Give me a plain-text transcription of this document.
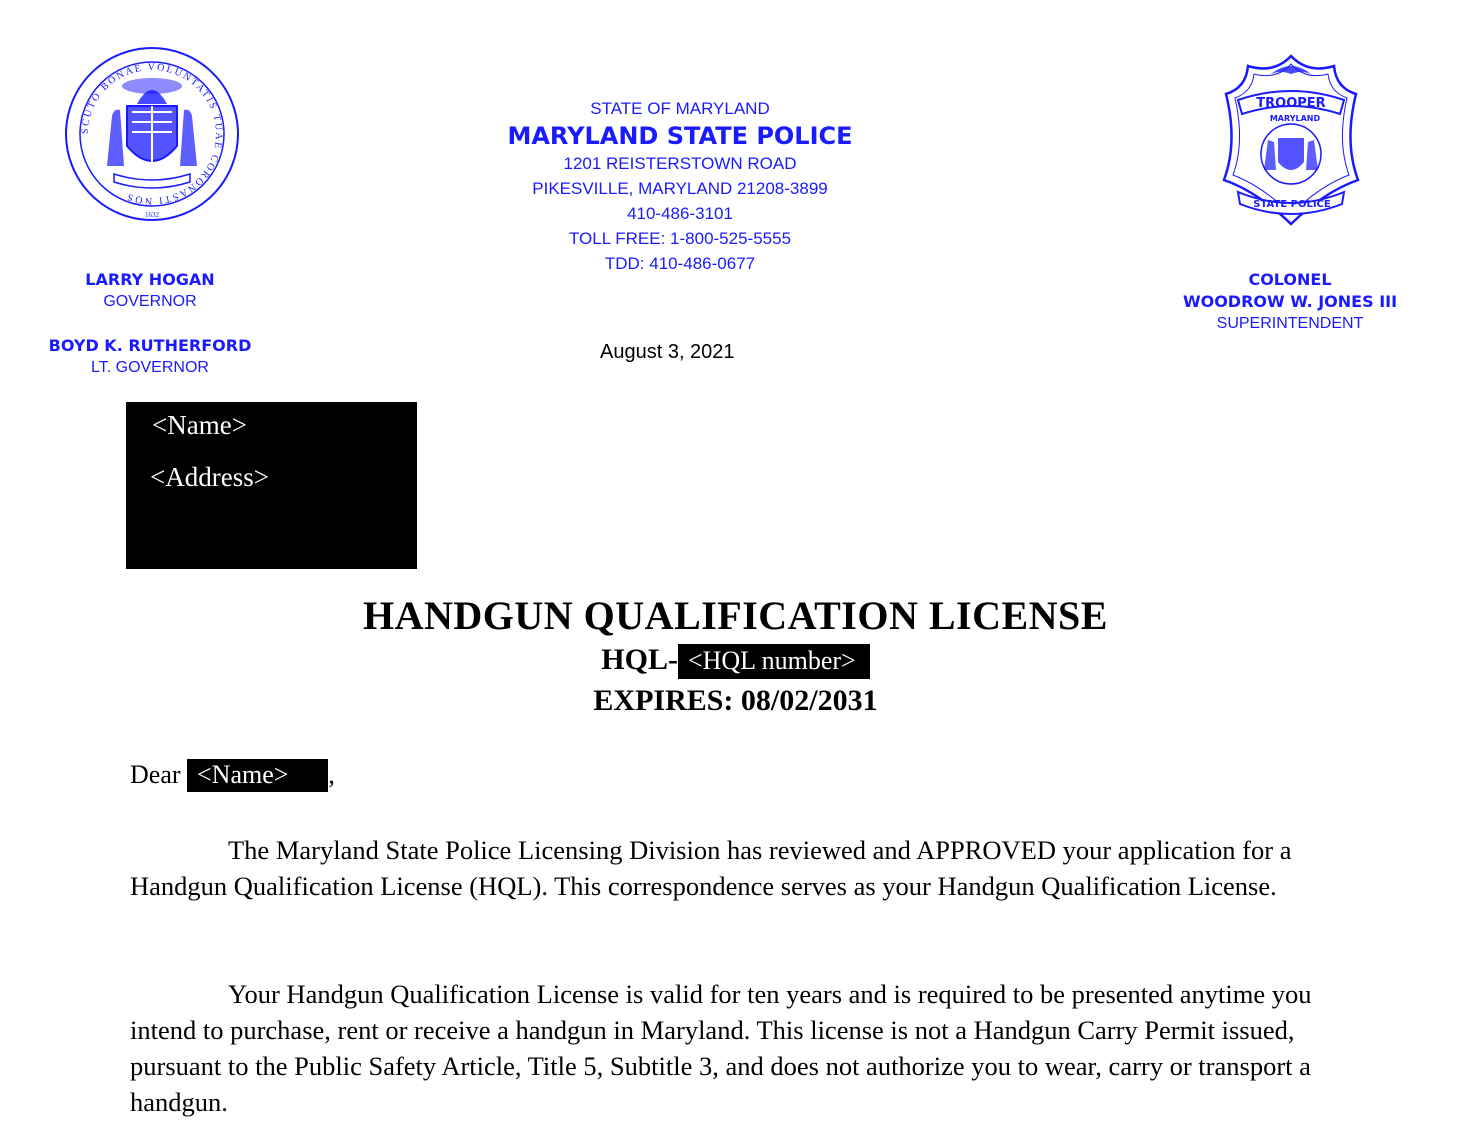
SCUTO BONAE VOLUNTATIS TUAE CORONASTI NOS
1632
TROOPER
MARYLAND
STATE POLICE
STATE OF MARYLAND
MARYLAND STATE POLICE
1201 REISTERSTOWN ROAD
PIKESVILLE, MARYLAND 21208-3899
410-486-3101
TOLL FREE: 1-800-525-5555
TDD: 410-486-0677
LARRY HOGAN
GOVERNOR
BOYD K. RUTHERFORD
LT. GOVERNOR
COLONEL
WOODROW W. JONES III
SUPERINTENDENT
August 3, 2021
<Name>
<Address>
HANDGUN QUALIFICATION LICENSE
HQL- <HQL number>
EXPIRES: 08/02/2031
Dear <Name> ,
The Maryland State Police Licensing Division has reviewed and APPROVED your application for a Handgun Qualification License (HQL). This correspondence serves as your Handgun Qualification License.
Your Handgun Qualification License is valid for ten years and is required to be presented anytime you intend to purchase, rent or receive a handgun in Maryland. This license is not a Handgun Carry Permit issued, pursuant to the Public Safety Article, Title 5, Subtitle 3, and does not authorize you to wear, carry or transport a handgun.
